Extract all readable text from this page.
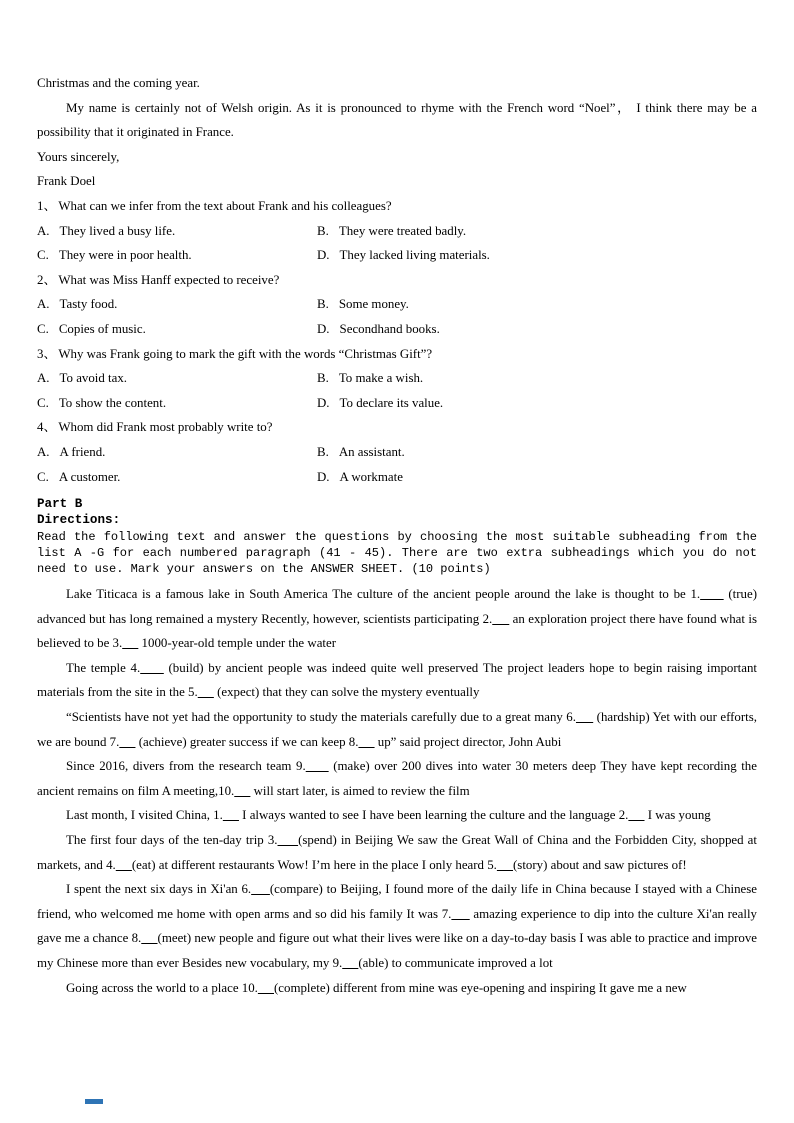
Christmas and the coming year.

My name is certainly not of Welsh origin. As it is pronounced to rhyme with the French word “Noel”， I think there may be a possibility that it originated in France.

Yours sincerely,
Frank Doel
1、 What can we infer from the text about Frank and his colleagues?
A. They lived a busy life.	B. They were treated badly.
C. They were in poor health.	D. They lacked living materials.
2、 What was Miss Hanff expected to receive?
A. Tasty food.	B. Some money.
C. Copies of music.	D. Secondhand books.
3、 Why was Frank going to mark the gift with the words “Christmas Gift”?
A. To avoid tax.	B. To make a wish.
C. To show the content.	D. To declare its value.
4、 Whom did Frank most probably write to?
A. A friend.	B. An assistant.
C. A customer.	D. A workmate
Part B
Directions:
Read the following text and answer the questions by choosing the most suitable subheading from the list A -G for each numbered paragraph (41 - 45). There are two extra subheadings which you do not need to use. Mark your answers on the ANSWER SHEET. (10 points)

Lake Titicaca is a famous lake in South America The culture of the ancient people around the lake is thought to be 1.      (true) advanced but has long remained a mystery Recently, however, scientists participating 2.      an exploration project there have found what is believed to be 3.      1000-year-old temple under the water

The temple 4.      (build) by ancient people was indeed quite well preserved The project leaders hope to begin raising important materials from the site in the 5.      (expect) that they can solve the mystery eventually

“Scientists have not yet had the opportunity to study the materials carefully due to a great many 6.      (hardship) Yet with our efforts, we are bound 7.      (achieve) greater success if we can keep 8.      up” said project director, John Aubi

Since 2016, divers from the research team 9.      (make) over 200 dives into water 30 meters deep They have kept recording the ancient remains on film A meeting,10.      will start later, is aimed to review the film

Last month, I visited China, 1.      I always wanted to see I have been learning the culture and the language 2.      I was young

The first four days of the ten-day trip 3. (spend) in Beijing We saw the Great Wall of China and the Forbidden City, shopped at markets, and 4. (eat) at different restaurants Wow! I’m here in the place I only heard 5. (story) about and saw pictures of!

I spent the next six days in Xi'an 6. (compare) to Beijing, I found more of the daily life in China because I stayed with a Chinese friend, who welcomed me home with open arms and so did his family It was 7.      amazing experience to dip into the culture Xi'an really gave me a chance 8. (meet) new people and figure out what their lives were like on a day-to-day basis I was able to practice and improve my Chinese more than ever Besides new vocabulary, my 9. (able) to communicate improved a lot

Going across the world to a place 10. (complete) different from mine was eye-opening and inspiring It gave me a new
